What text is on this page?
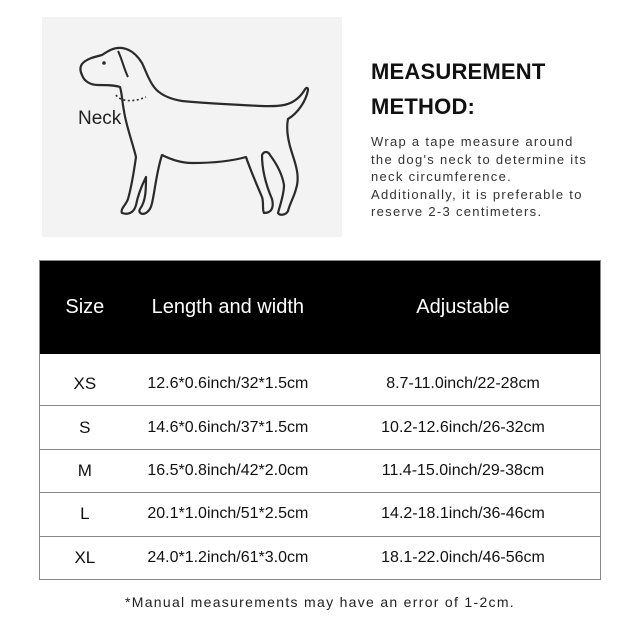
Neck
MEASUREMENT
METHOD:
Wrap a tape measure around
the dog's neck to determine its
neck circumference.
Additionally, it is preferable to
reserve 2-3 centimeters.
Size	Length and width	Adjustable
XS	12.6*0.6inch/32*1.5cm	8.7-11.0inch/22-28cm
S	14.6*0.6inch/37*1.5cm	10.2-12.6inch/26-32cm
M	16.5*0.8inch/42*2.0cm	11.4-15.0inch/29-38cm
L	20.1*1.0inch/51*2.5cm	14.2-18.1inch/36-46cm
XL	24.0*1.2inch/61*3.0cm	18.1-22.0inch/46-56cm
*Manual measurements may have an error of 1-2cm.
